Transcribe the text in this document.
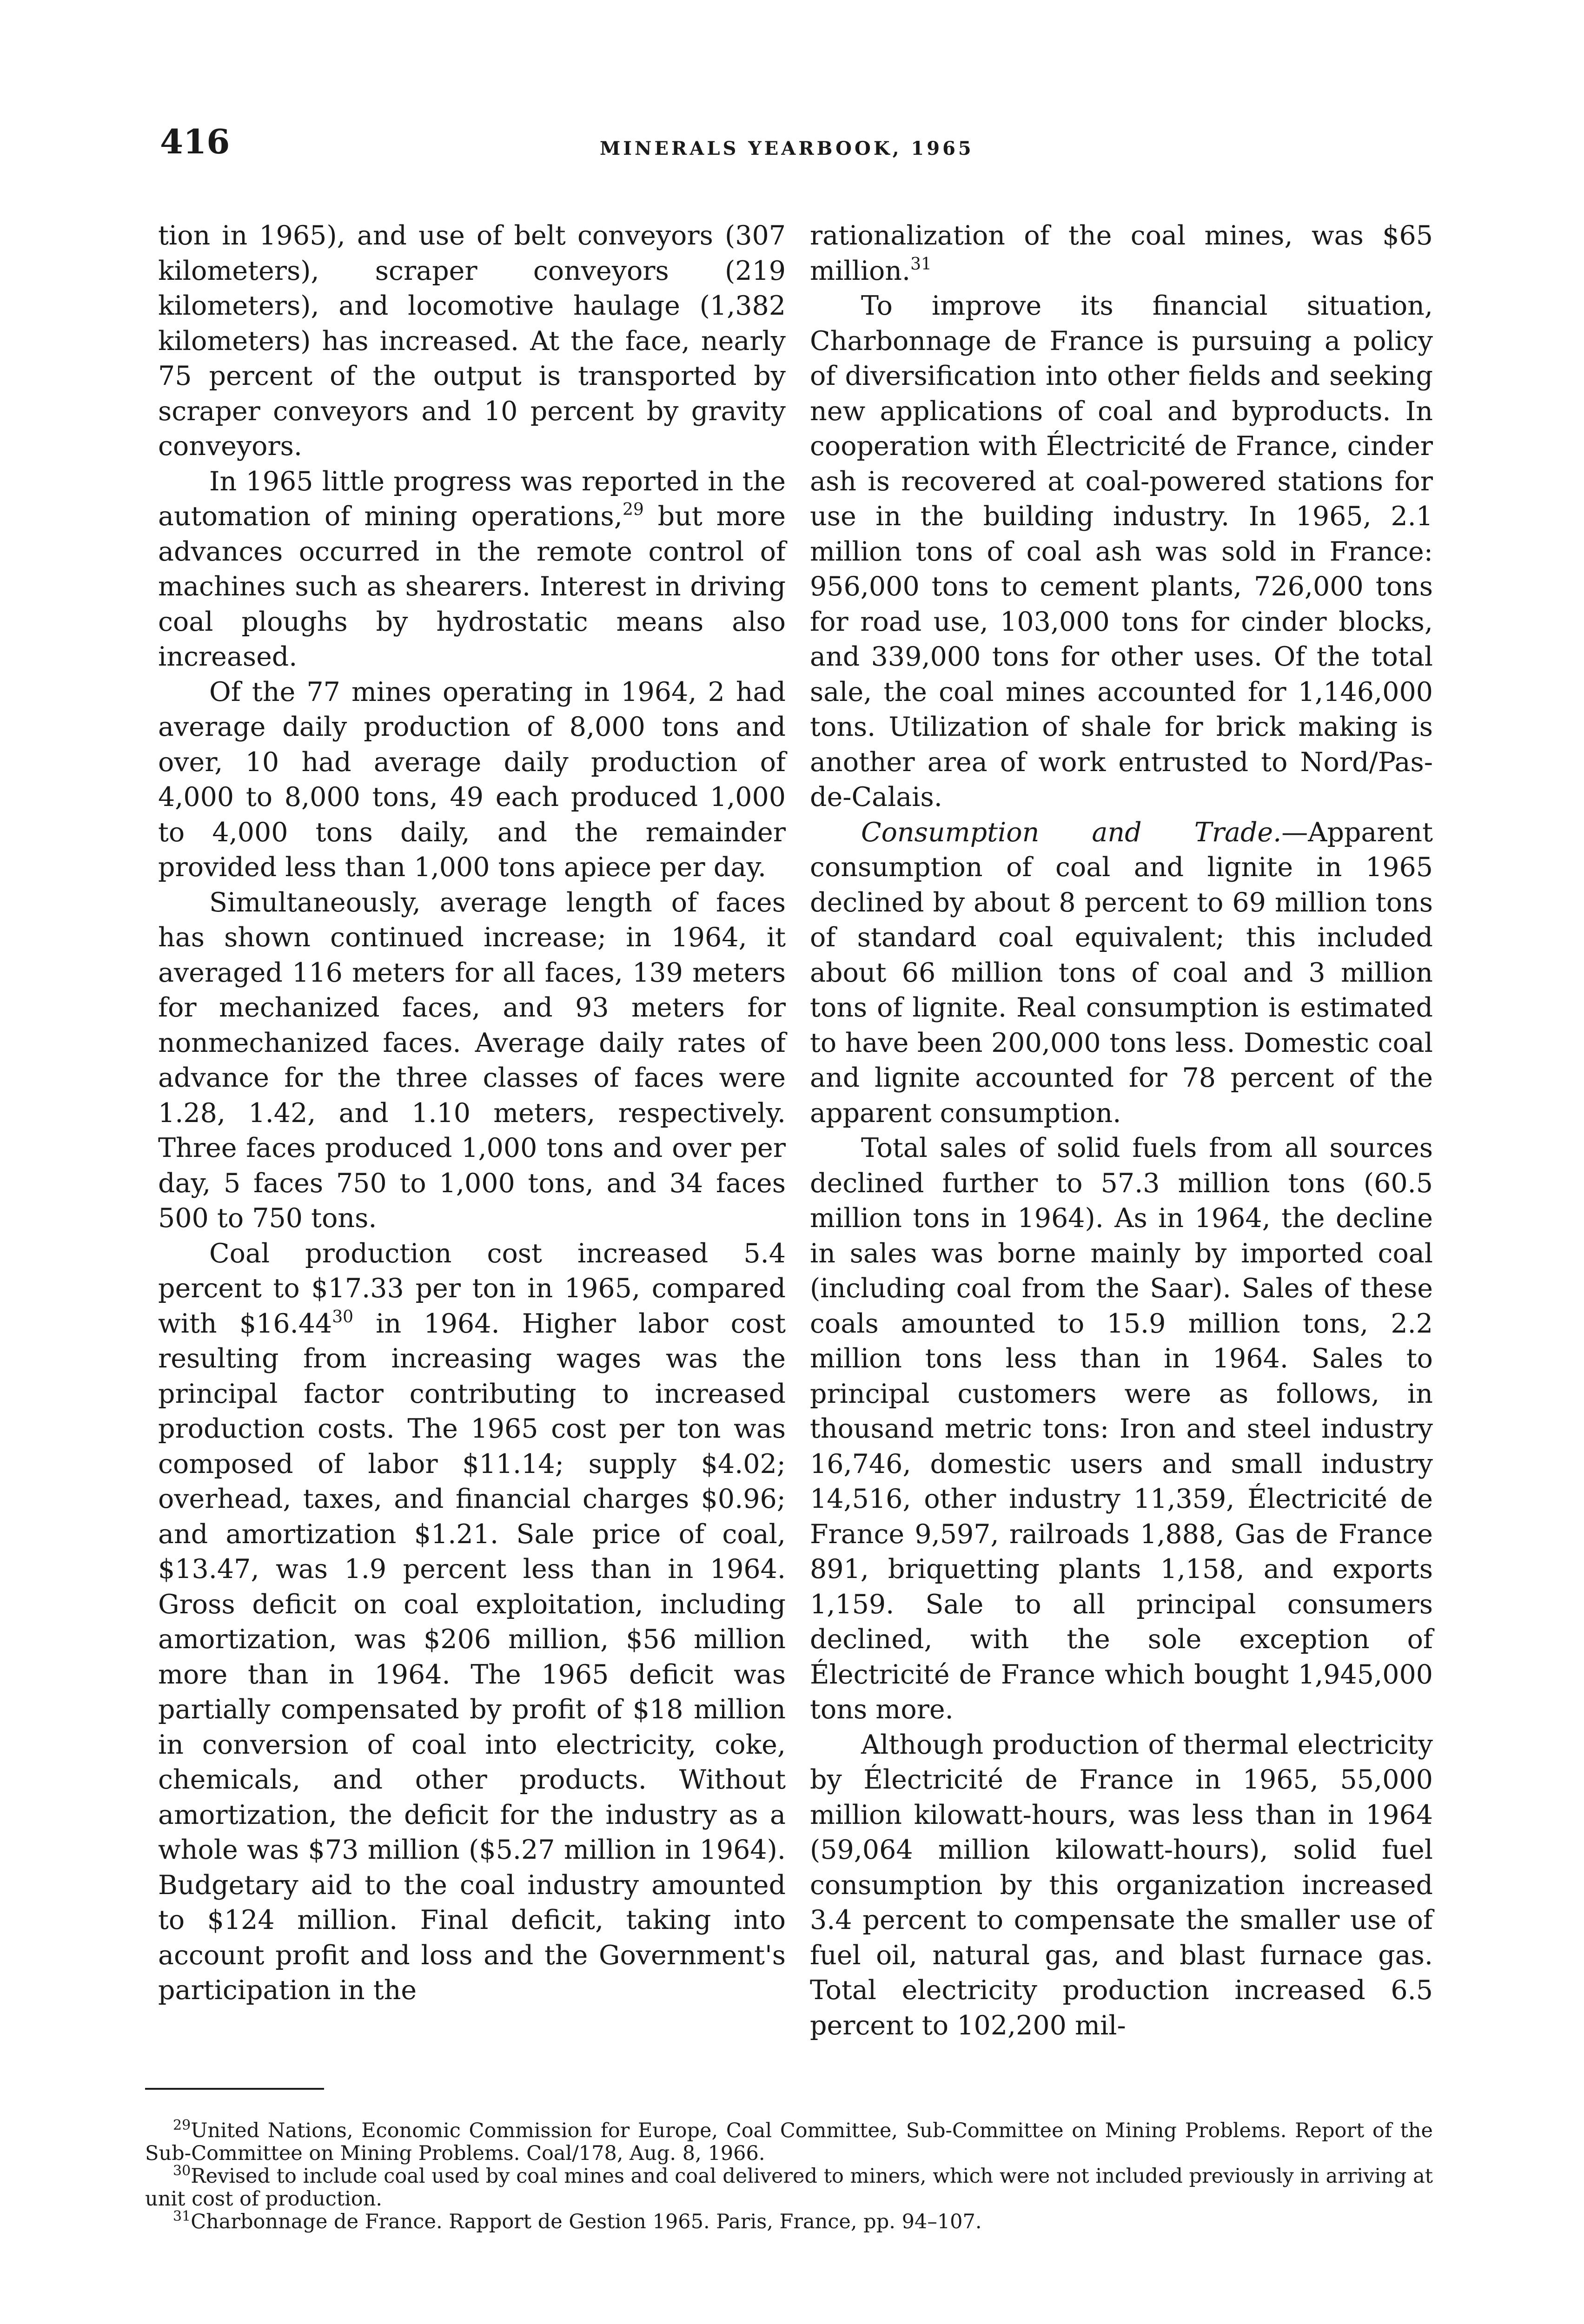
416	MINERALS YEARBOOK, 1965

tion in 1965), and use of belt conveyors (307 kilometers), scraper conveyors (219 kilometers), and locomotive haulage (1,382 kilometers) has increased. At the face, nearly 75 percent of the output is transported by scraper conveyors and 10 percent by gravity conveyors.

In 1965 little progress was reported in the automation of mining operations,$^{29}$ but more advances occurred in the remote control of machines such as shearers. Interest in driving coal ploughs by hydrostatic means also increased.

Of the 77 mines operating in 1964, 2 had average daily production of 8,000 tons and over, 10 had average daily production of 4,000 to 8,000 tons, 49 each produced 1,000 to 4,000 tons daily, and the remainder provided less than 1,000 tons apiece per day.

Simultaneously, average length of faces has shown continued increase; in 1964, it averaged 116 meters for all faces, 139 meters for mechanized faces, and 93 meters for nonmechanized faces. Average daily rates of advance for the three classes of faces were 1.28, 1.42, and 1.10 meters, respectively. Three faces produced 1,000 tons and over per day, 5 faces 750 to 1,000 tons, and 34 faces 500 to 750 tons.

Coal production cost increased 5.4 percent to $17.33 per ton in 1965, compared with $16.44$^{30}$ in 1964. Higher labor cost resulting from increasing wages was the principal factor contributing to increased production costs. The 1965 cost per ton was composed of labor $11.14; supply $4.02; overhead, taxes, and financial charges $0.96; and amortization $1.21. Sale price of coal, $13.47, was 1.9 percent less than in 1964. Gross deficit on coal exploitation, including amortization, was $206 million, $56 million more than in 1964. The 1965 deficit was partially compensated by profit of $18 million in conversion of coal into electricity, coke, chemicals, and other products. Without amortization, the deficit for the industry as a whole was $73 million ($5.27 million in 1964). Budgetary aid to the coal industry amounted to $124 million. Final deficit, taking into account profit and loss and the Government's participation in the

rationalization of the coal mines, was $65 million.$^{31}$

To improve its financial situation, Charbonnage de France is pursuing a policy of diversification into other fields and seeking new applications of coal and byproducts. In cooperation with Électricité de France, cinder ash is recovered at coal-powered stations for use in the building industry. In 1965, 2.1 million tons of coal ash was sold in France: 956,000 tons to cement plants, 726,000 tons for road use, 103,000 tons for cinder blocks, and 339,000 tons for other uses. Of the total sale, the coal mines accounted for 1,146,000 tons. Utilization of shale for brick making is another area of work entrusted to Nord/Pas-de-Calais.

Consumption and Trade.—Apparent consumption of coal and lignite in 1965 declined by about 8 percent to 69 million tons of standard coal equivalent; this included about 66 million tons of coal and 3 million tons of lignite. Real consumption is estimated to have been 200,000 tons less. Domestic coal and lignite accounted for 78 percent of the apparent consumption.

Total sales of solid fuels from all sources declined further to 57.3 million tons (60.5 million tons in 1964). As in 1964, the decline in sales was borne mainly by imported coal (including coal from the Saar). Sales of these coals amounted to 15.9 million tons, 2.2 million tons less than in 1964. Sales to principal customers were as follows, in thousand metric tons: Iron and steel industry 16,746, domestic users and small industry 14,516, other industry 11,359, Électricité de France 9,597, railroads 1,888, Gas de France 891, briquetting plants 1,158, and exports 1,159. Sale to all principal consumers declined, with the sole exception of Électricité de France which bought 1,945,000 tons more.

Although production of thermal electricity by Électricité de France in 1965, 55,000 million kilowatt-hours, was less than in 1964 (59,064 million kilowatt-hours), solid fuel consumption by this organization increased 3.4 percent to compensate the smaller use of fuel oil, natural gas, and blast furnace gas. Total electricity production increased 6.5 percent to 102,200 mil-

$^{29}$United Nations, Economic Commission for Europe, Coal Committee, Sub-Committee on Mining Problems. Report of the Sub-Committee on Mining Problems. Coal/178, Aug. 8, 1966.

$^{30}$Revised to include coal used by coal mines and coal delivered to miners, which were not included previously in arriving at unit cost of production.

$^{31}$Charbonnage de France. Rapport de Gestion 1965. Paris, France, pp. 94–107.
